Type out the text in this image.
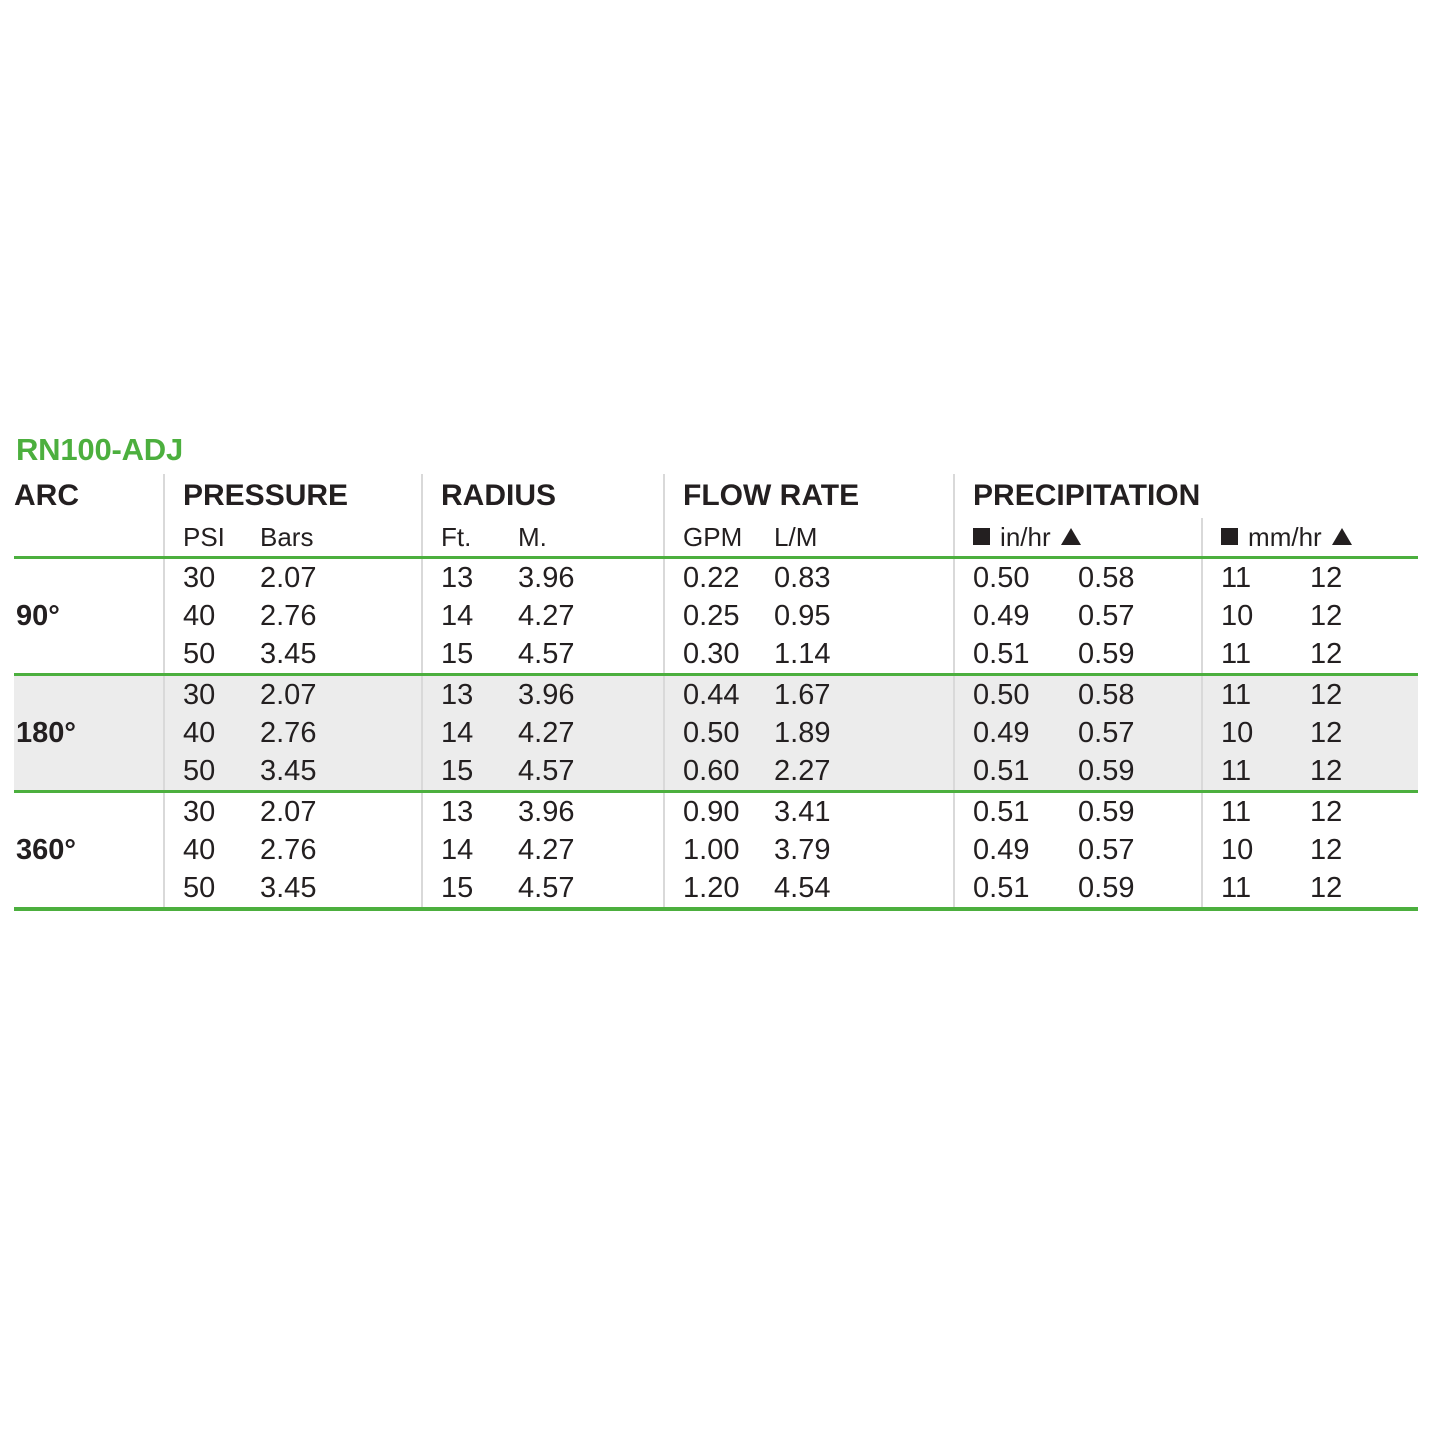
RN100-ADJ
ARC	PRESSURE		RADIUS		FLOW RATE		PRECIPITATION			
	PSI	Bars	Ft.	M.	GPM	L/M	in/hr		mm/hr	

90°	30	2.07	13	3.96	0.22	0.83	0.50	0.58	11	12
	40	2.76	14	4.27	0.25	0.95	0.49	0.57	10	12
	50	3.45	15	4.57	0.30	1.14	0.51	0.59	11	12

180°	30	2.07	13	3.96	0.44	1.67	0.50	0.58	11	12
	40	2.76	14	4.27	0.50	1.89	0.49	0.57	10	12
	50	3.45	15	4.57	0.60	2.27	0.51	0.59	11	12

360°	30	2.07	13	3.96	0.90	3.41	0.51	0.59	11	12
	40	2.76	14	4.27	1.00	3.79	0.49	0.57	10	12
	50	3.45	15	4.57	1.20	4.54	0.51	0.59	11	12
